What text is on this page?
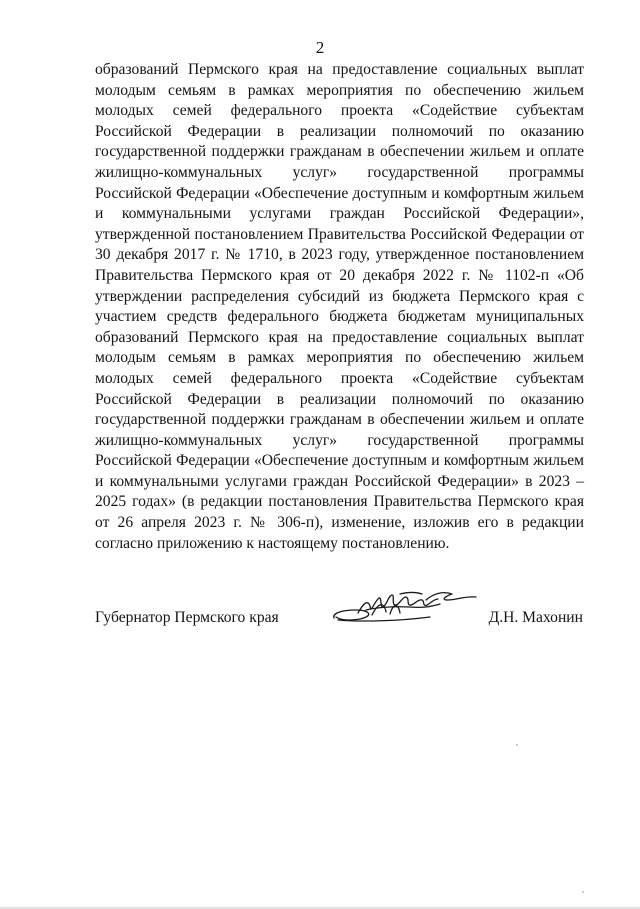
2

образований Пермского края на предоставление социальных выплат молодым семьям в рамках мероприятия по обеспечению жильем молодых семей федерального проекта «Содействие субъектам Российской Федерации в реализации полномочий по оказанию государственной поддержки гражданам в обеспечении жильем и оплате жилищно-коммунальных услуг» государственной программы Российской Федерации «Обеспечение доступным и комфортным жильем и коммунальными услугами граждан Российской Федерации», утвержденной постановлением Правительства Российской Федерации от 30 декабря 2017 г. № 1710, в 2023 году, утвержденное постановлением Правительства Пермского края от 20 декабря 2022 г. № 1102-п «Об утверждении распределения субсидий из бюджета Пермского края с участием средств федерального бюджета бюджетам муниципальных образований Пермского края на предоставление социальных выплат молодым семьям в рамках мероприятия по обеспечению жильем молодых семей федерального проекта «Содействие субъектам Российской Федерации в реализации полномочий по оказанию государственной поддержки гражданам в обеспечении жильем и оплате жилищно-коммунальных услуг» государственной программы Российской Федерации «Обеспечение доступным и комфортным жильем и коммунальными услугами граждан Российской Федерации» в 2023 – 2025 годах» (в редакции постановления Правительства Пермского края от 26 апреля 2023 г. № 306-п), изменение, изложив его в редакции согласно приложению к настоящему постановлению.

Губернатор Пермского края	Д.Н. Махонин
